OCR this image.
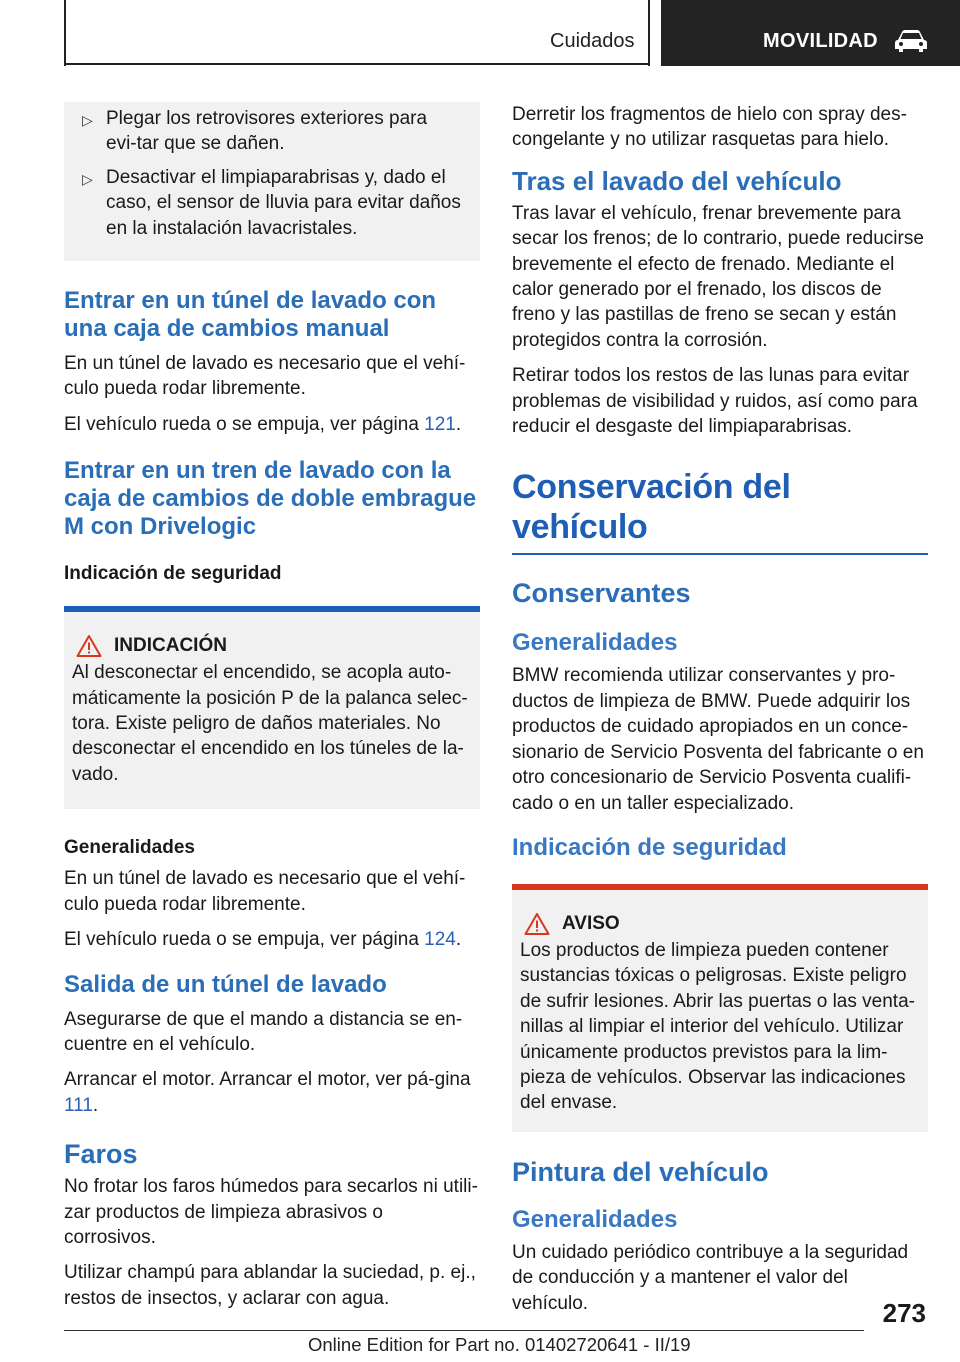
Cuidados	MOVILIDAD
▷ Plegar los retrovisores exteriores para evi‐tar que se dañen.
▷ Desactivar el limpiaparabrisas y, dado el caso, el sensor de lluvia para evitar daños en la instalación lavacristales.
Entrar en un túnel de lavado con una caja de cambios manual

En un túnel de lavado es necesario que el vehí‐culo pueda rodar libremente.

El vehículo rueda o se empuja, ver página 121.

Entrar en un tren de lavado con la caja de cambios de doble embrague M con Drivelogic
Indicación de seguridad
INDICACIÓN
Al desconectar el encendido, se acopla auto‐máticamente la posición P de la palanca selec‐tora. Existe peligro de daños materiales. No desconectar el encendido en los túneles de la‐vado.
Generalidades

En un túnel de lavado es necesario que el vehí‐culo pueda rodar libremente.

El vehículo rueda o se empuja, ver página 124.

Salida de un túnel de lavado

Asegurarse de que el mando a distancia se en‐cuentre en el vehículo.

Arrancar el motor. Arrancar el motor, ver pá‐gina 111.

Faros

No frotar los faros húmedos para secarlos ni utili‐zar productos de limpieza abrasivos o corrosivos.

Utilizar champú para ablandar la suciedad, p. ej., restos de insectos, y aclarar con agua.

Derretir los fragmentos de hielo con spray des‐congelante y no utilizar rasquetas para hielo.

Tras el lavado del vehículo

Tras lavar el vehículo, frenar brevemente para secar los frenos; de lo contrario, puede reducirse brevemente el efecto de frenado. Mediante el calor generado por el frenado, los discos de freno y las pastillas de freno se secan y están protegidos contra la corrosión.

Retirar todos los restos de las lunas para evitar problemas de visibilidad y ruidos, así como para reducir el desgaste del limpiaparabrisas.

Conservación del vehículo
Conservantes
Generalidades

BMW recomienda utilizar conservantes y pro‐ductos de limpieza de BMW. Puede adquirir los productos de cuidado apropiados en un conce‐sionario de Servicio Posventa del fabricante o en otro concesionario de Servicio Posventa cualifi‐cado o en un taller especializado.

Indicación de seguridad
AVISO
Los productos de limpieza pueden contener sustancias tóxicas o peligrosas. Existe peligro de sufrir lesiones. Abrir las puertas o las venta‐nillas al limpiar el interior del vehículo. Utilizar únicamente productos previstos para la lim‐pieza de vehículos. Observar las indicaciones del envase.
Pintura del vehículo
Generalidades

Un cuidado periódico contribuye a la seguridad de conducción y a mantener el valor del vehículo.	273
Online Edition for Part no. 01402720641 - II/19
